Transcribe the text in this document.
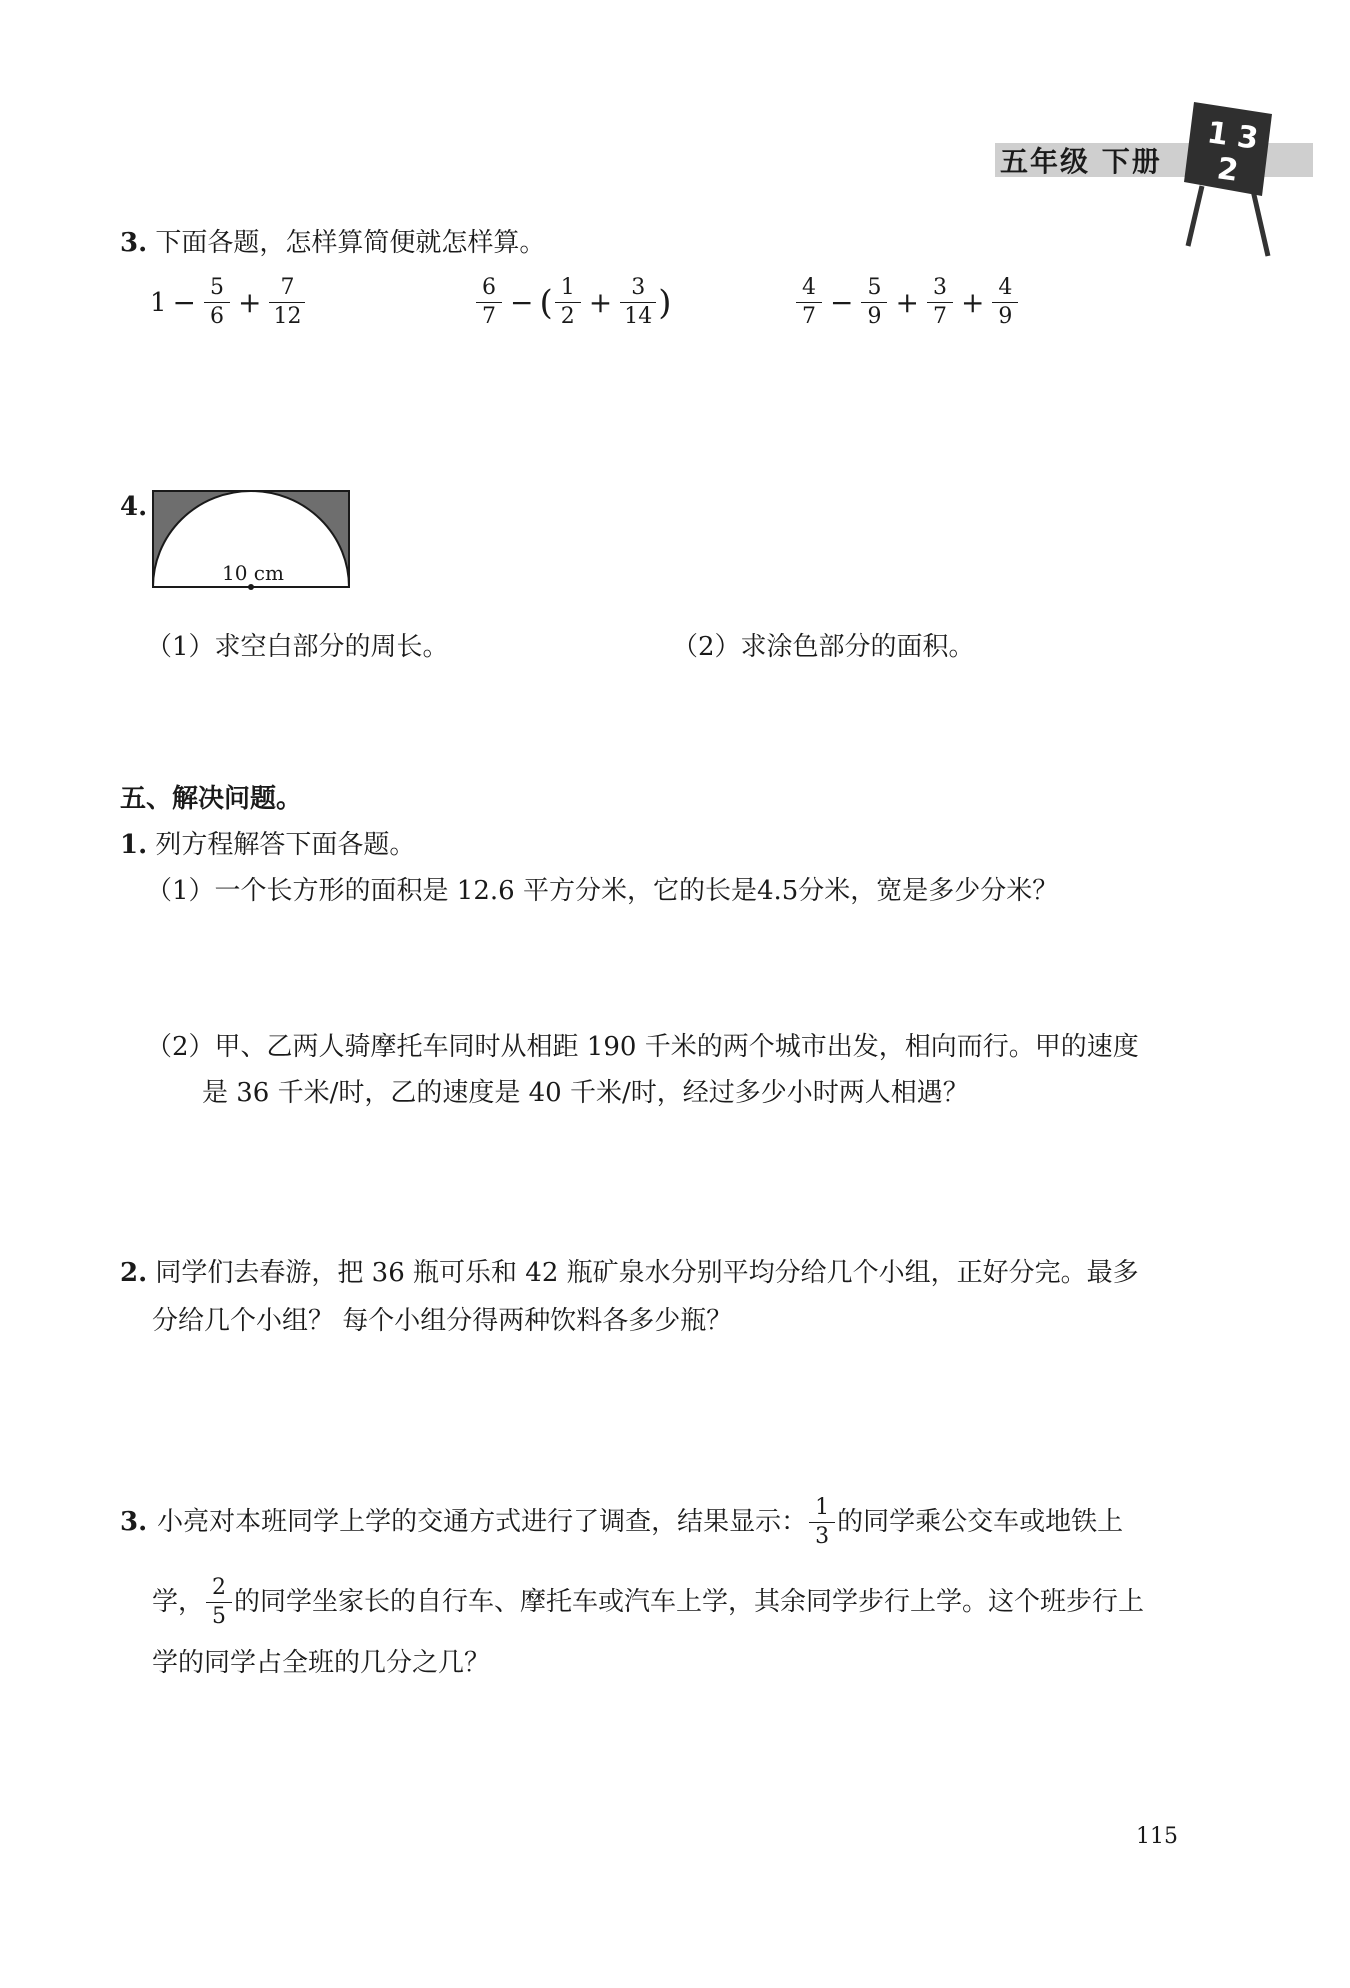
五年级 下册
1 3
2
3. 下面各题，怎样算简便就怎样算。
$1 - \frac{5}{6} + \frac{7}{12}$	$\frac{6}{7}$ − ( $\frac{1}{2} + \frac{3}{14}$ )	$\frac{4}{7} - \frac{5}{9} + \frac{3}{7} + \frac{4}{9}$
4.
10 cm
（1）求空白部分的周长。	（2）求涂色部分的面积。
五、解决问题。
1. 列方程解答下面各题。
（1）一个长方形的面积是 12.6 平方分米，它的长是4.5分米，宽是多少分米？
（2）甲、乙两人骑摩托车同时从相距 190 千米的两个城市出发，相向而行。甲的速度
是 36 千米/时，乙的速度是 40 千米/时，经过多少小时两人相遇？
2. 同学们去春游，把 36 瓶可乐和 42 瓶矿泉水分别平均分给几个小组，正好分完。最多
分给几个小组？ 每个小组分得两种饮料各多少瓶？
3. 小亮对本班同学上学的交通方式进行了调查，结果显示： $\frac{1}{3}$ 的同学乘公交车或地铁上
学， $\frac{2}{5}$ 的同学坐家长的自行车、摩托车或汽车上学，其余同学步行上学。这个班步行上
学的同学占全班的几分之几？
115
